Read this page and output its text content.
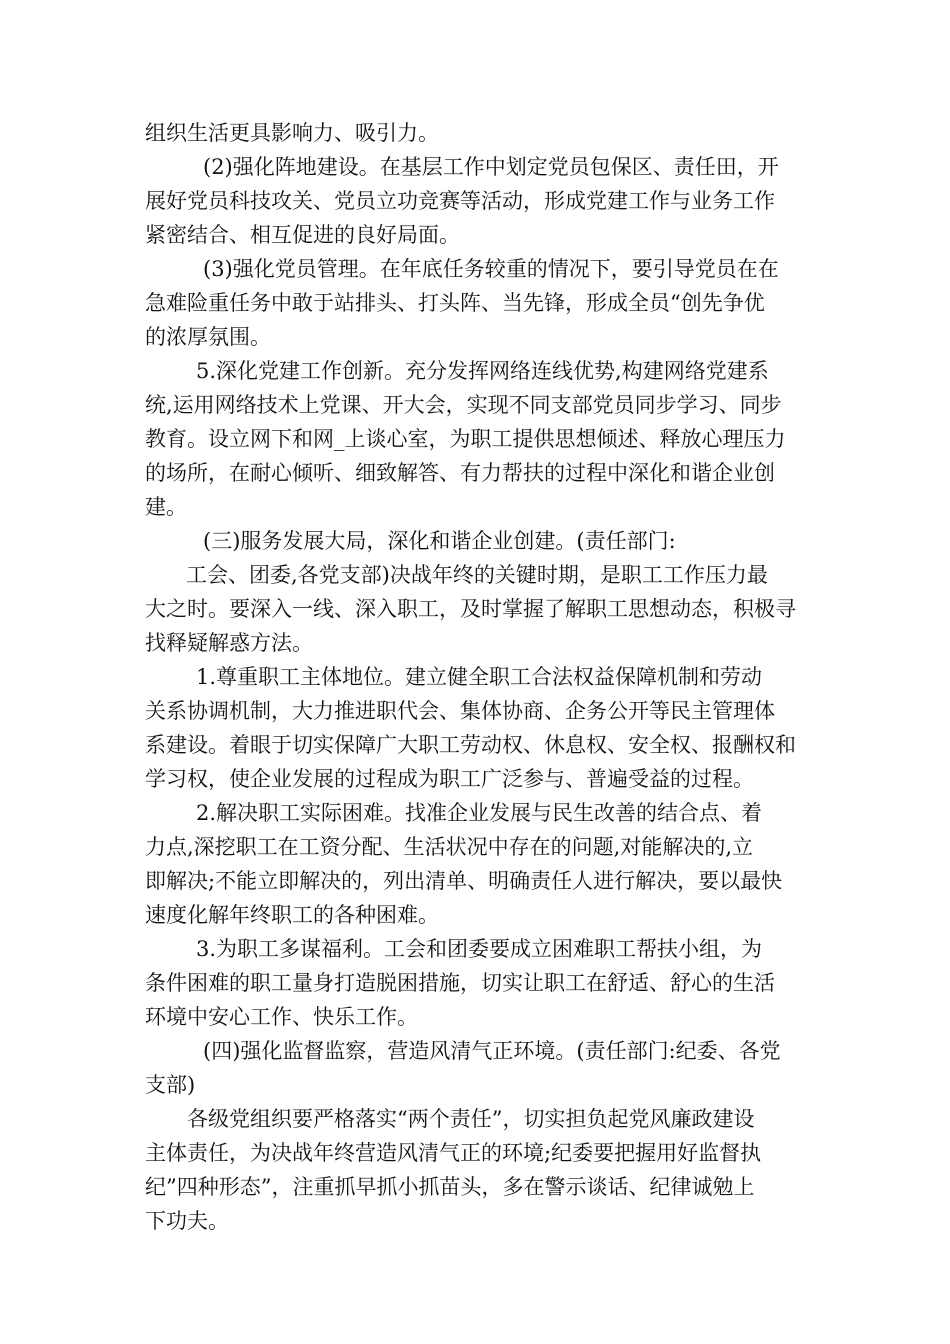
组织生活更具影响力、吸引力。
(2)强化阵地建设。在基层工作中划定党员包保区、责任田，开
展好党员科技攻关、党员立功竞赛等活动，形成党建工作与业务工作
紧密结合、相互促进的良好局面。
(3)强化党员管理。在年底任务较重的情况下，要引导党员在在
急难险重任务中敢于站排头、打头阵、当先锋，形成全员“创先争优
的浓厚氛围。
5.深化党建工作创新。充分发挥网络连线优势,构建网络党建系
统,运用网络技术上党课、开大会，实现不同支部党员同步学习、同步
教育。设立网下和网_上谈心室，为职工提供思想倾述、释放心理压力
的场所，在耐心倾听、细致解答、有力帮扶的过程中深化和谐企业创
建。
(三)服务发展大局，深化和谐企业创建。(责任部门:
工会、团委,各党支部)决战年终的关键时期，是职工工作压力最
大之时。要深入一线、深入职工，及时掌握了解职工思想动态，积极寻
找释疑解惑方法。
1.尊重职工主体地位。建立健全职工合法权益保障机制和劳动
关系协调机制，大力推进职代会、集体协商、企务公开等民主管理体
系建设。着眼于切实保障广大职工劳动权、休息权、安全权、报酬权和
学习权，使企业发展的过程成为职工广泛参与、普遍受益的过程。
2.解决职工实际困难。找准企业发展与民生改善的结合点、着
力点,深挖职工在工资分配、生活状况中存在的问题,对能解决的,立
即解决;不能立即解决的，列出清单、明确责任人进行解决，要以最快
速度化解年终职工的各种困难。
3.为职工多谋福利。工会和团委要成立困难职工帮扶小组，为
条件困难的职工量身打造脱困措施，切实让职工在舒适、舒心的生活
环境中安心工作、快乐工作。
(四)强化监督监察，营造风清气正环境。(责任部门:纪委、各党
支部)
各级党组织要严格落实“两个责任”，切实担负起党风廉政建设
主体责任，为决战年终营造风清气正的环境;纪委要把握用好监督执
纪”四种形态”，注重抓早抓小抓苗头，多在警示谈话、纪律诚勉上
下功夫。
